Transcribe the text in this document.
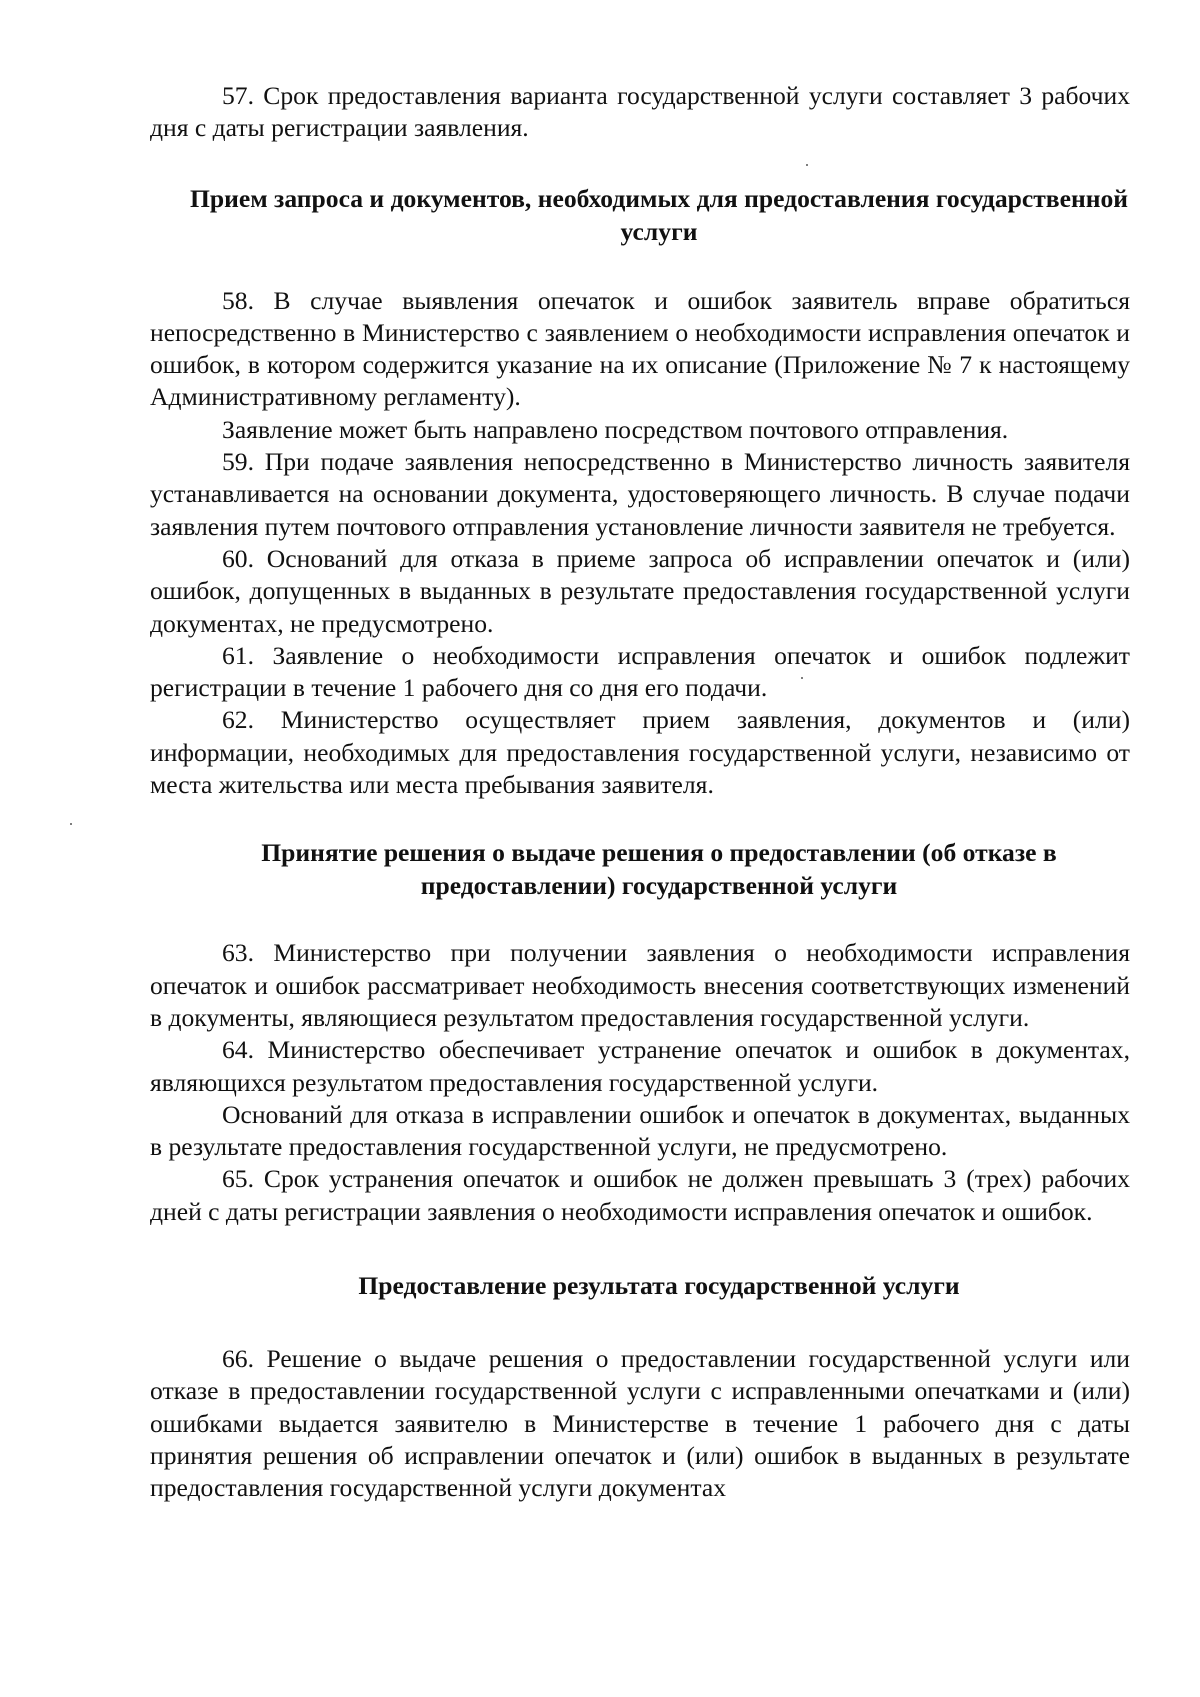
57. Срок предоставления варианта государственной услуги составляет 3 рабочих дня с даты регистрации заявления.

Прием запроса и документов, необходимых для предоставления государственной услуги

58. В случае выявления опечаток и ошибок заявитель вправе обратиться непосредственно в Министерство с заявлением о необходимости исправления опечаток и ошибок, в котором содержится указание на их описание (Приложение № 7 к настоящему Административному регламенту).

Заявление может быть направлено посредством почтового отправления.

59. При подаче заявления непосредственно в Министерство личность заявителя устанавливается на основании документа, удостоверяющего личность. В случае подачи заявления путем почтового отправления установление личности заявителя не требуется.

60. Оснований для отказа в приеме запроса об исправлении опечаток и (или) ошибок, допущенных в выданных в результате предоставления государственной услуги документах, не предусмотрено.

61. Заявление о необходимости исправления опечаток и ошибок подлежит регистрации в течение 1 рабочего дня со дня его подачи.

62. Министерство осуществляет прием заявления, документов и (или) информации, необходимых для предоставления государственной услуги, независимо от места жительства или места пребывания заявителя.

Принятие решения о выдаче решения о предоставлении (об отказе в предоставлении) государственной услуги

63. Министерство при получении заявления о необходимости исправления опечаток и ошибок рассматривает необходимость внесения соответствующих изменений в документы, являющиеся результатом предоставления государственной услуги.

64. Министерство обеспечивает устранение опечаток и ошибок в документах, являющихся результатом предоставления государственной услуги.

Оснований для отказа в исправлении ошибок и опечаток в документах, выданных в результате предоставления государственной услуги, не предусмотрено.

65. Срок устранения опечаток и ошибок не должен превышать 3 (трех) рабочих дней с даты регистрации заявления о необходимости исправления опечаток и ошибок.

Предоставление результата государственной услуги

66. Решение о выдаче решения о предоставлении государственной услуги или отказе в предоставлении государственной услуги с исправленными опечатками и (или) ошибками выдается заявителю в Министерстве в течение 1 рабочего дня с даты принятия решения об исправлении опечаток и (или) ошибок в выданных в результате предоставления государственной услуги документах
